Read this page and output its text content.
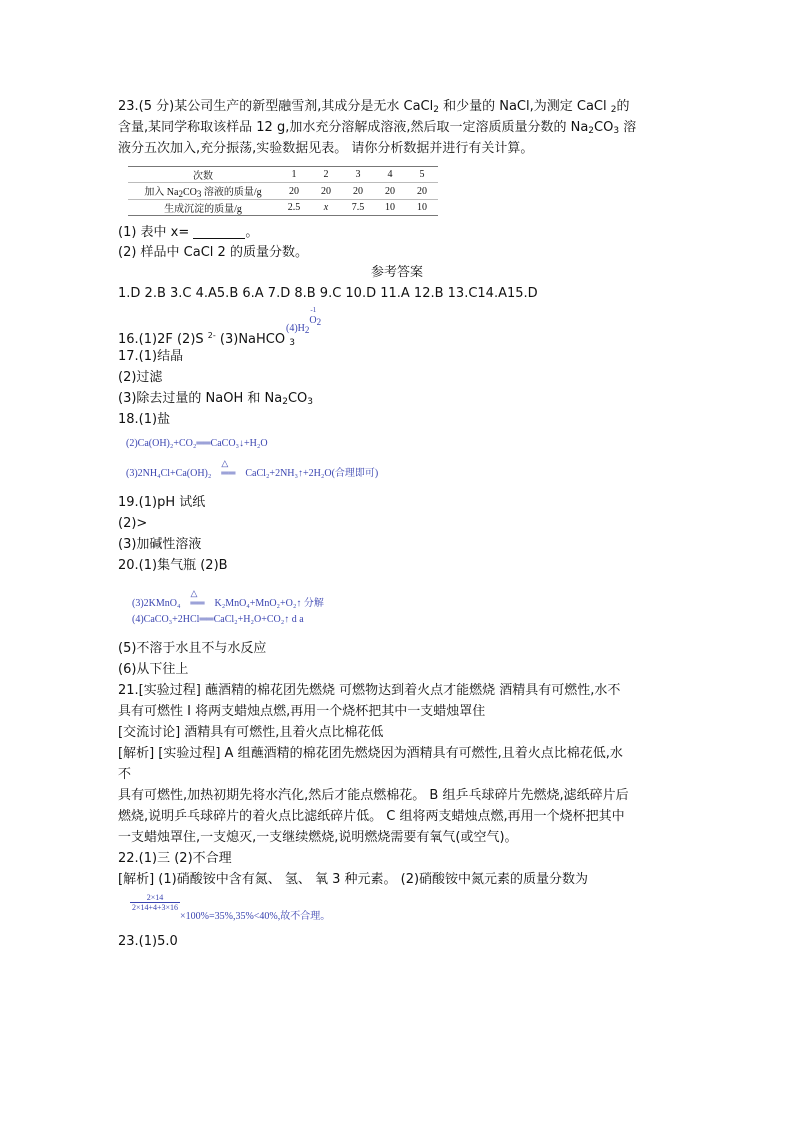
23.(5 分)某公司生产的新型融雪剂,其成分是无水 CaCl$_2$ 和少量的 NaCl,为测定 CaCl $_2$的
含量,某同学称取该样品 12 g,加水充分溶解成溶液,然后取一定溶质质量分数的 $Na_2CO_3$ 溶
液分五次加入,充分振荡,实验数据见表。 请你分析数据并进行有关计算。
次数	1	2	3	4	5
加入 $Na_2CO_3$ 溶液的质量/g	20	20	20	20	20
生成沉淀的质量/g	2.5	x	7.5	10	10
(1) 表中 x=	。
(2) 样品中 CaCl 2 的质量分数。
参考答案
1.D 2.B 3.C 4.A5.B 6.A 7.D 8.B 9.C 10.D 11.A 12.B 13.C14.A15.D
16.(1)2F (2)S $^{2-}$ (3)NaHCO $_3$
$(4)H_2$
-1
$O_2$
17.(1)结晶
(2)过滤
(3)除去过量的 NaOH 和 $Na_2CO_3$
18.(1)盐
(2)Ca(OH)₂+CO₂══CaCO₃↓+H₂O
(3)2NH₄Cl+Ca(OH)₂
△
══ CaCl₂+2NH₃↑+2H₂O(合理即可)
19.(1)pH 试纸
(2)>
(3)加碱性溶液
20.(1)集气瓶 (2)B
(3)2KMnO₄
△
══ K₂MnO₄+MnO₂+O₂↑ 分解
(4)CaCO₃+2HCl══CaCl₂+H₂O+CO₂↑ d a
(5)不溶于水且不与水反应
(6)从下往上
21.[实验过程] 蘸酒精的棉花团先燃烧 可燃物达到着火点才能燃烧 酒精具有可燃性,水不
具有可燃性 I 将两支蜡烛点燃,再用一个烧杯把其中一支蜡烛罩住
[交流讨论] 酒精具有可燃性,且着火点比棉花低
[解析] [实验过程] A 组蘸酒精的棉花团先燃烧因为酒精具有可燃性,且着火点比棉花低,水
不
具有可燃性,加热初期先将水汽化,然后才能点燃棉花。 B 组乒乓球碎片先燃烧,滤纸碎片后
燃烧,说明乒乓球碎片的着火点比滤纸碎片低。 C 组将两支蜡烛点燃,再用一个烧杯把其中
一支蜡烛罩住,一支熄灭,一支继续燃烧,说明燃烧需要有氧气(或空气)。
22.(1)三 (2)不合理
[解析] (1)硝酸铵中含有氮、 氢、 氧 3 种元素。 (2)硝酸铵中氮元素的质量分数为
$\frac{2\times 14}{2\times 14+4+3\times 16}$
×100%=35%,35%<40%,故不合理。
23.(1)5.0
